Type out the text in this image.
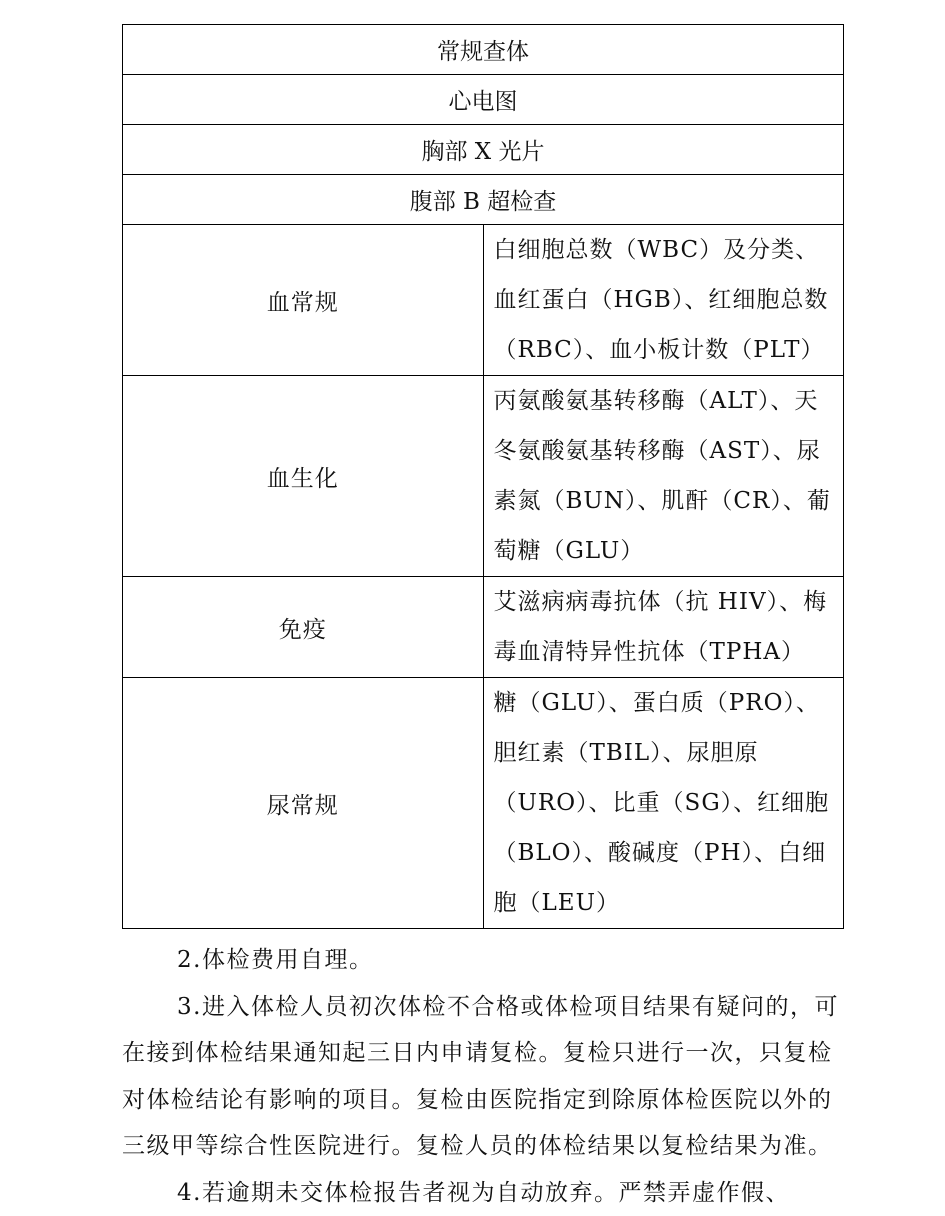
常规查体	
心电图	
胸部 X 光片	
腹部 B 超检查	
血常规	白细胞总数（WBC）及分类、血红蛋白（HGB）、红细胞总数（RBC）、血小板计数（PLT）

血生化	丙氨酸氨基转移酶（ALT）、天冬氨酸氨基转移酶（AST）、尿素氮（BUN）、肌酐（CR）、葡萄糖（GLU）

免疫	艾滋病病毒抗体（抗 HIV）、梅毒血清特异性抗体（TPHA）

尿常规	糖（GLU）、蛋白质（PRO）、胆红素（TBIL）、尿胆原（URO）、比重（SG）、红细胞（BLO）、酸碱度（PH）、白细胞（LEU）
2.体检费用自理。
3.进入体检人员初次体检不合格或体检项目结果有疑问的，可在接到体检结果通知起三日内申请复检。复检只进行一次，只复检对体检结论有影响的项目。复检由医院指定到除原体检医院以外的三级甲等综合性医院进行。复检人员的体检结果以复检结果为准。
4.若逾期未交体检报告者视为自动放弃。严禁弄虚作假、
